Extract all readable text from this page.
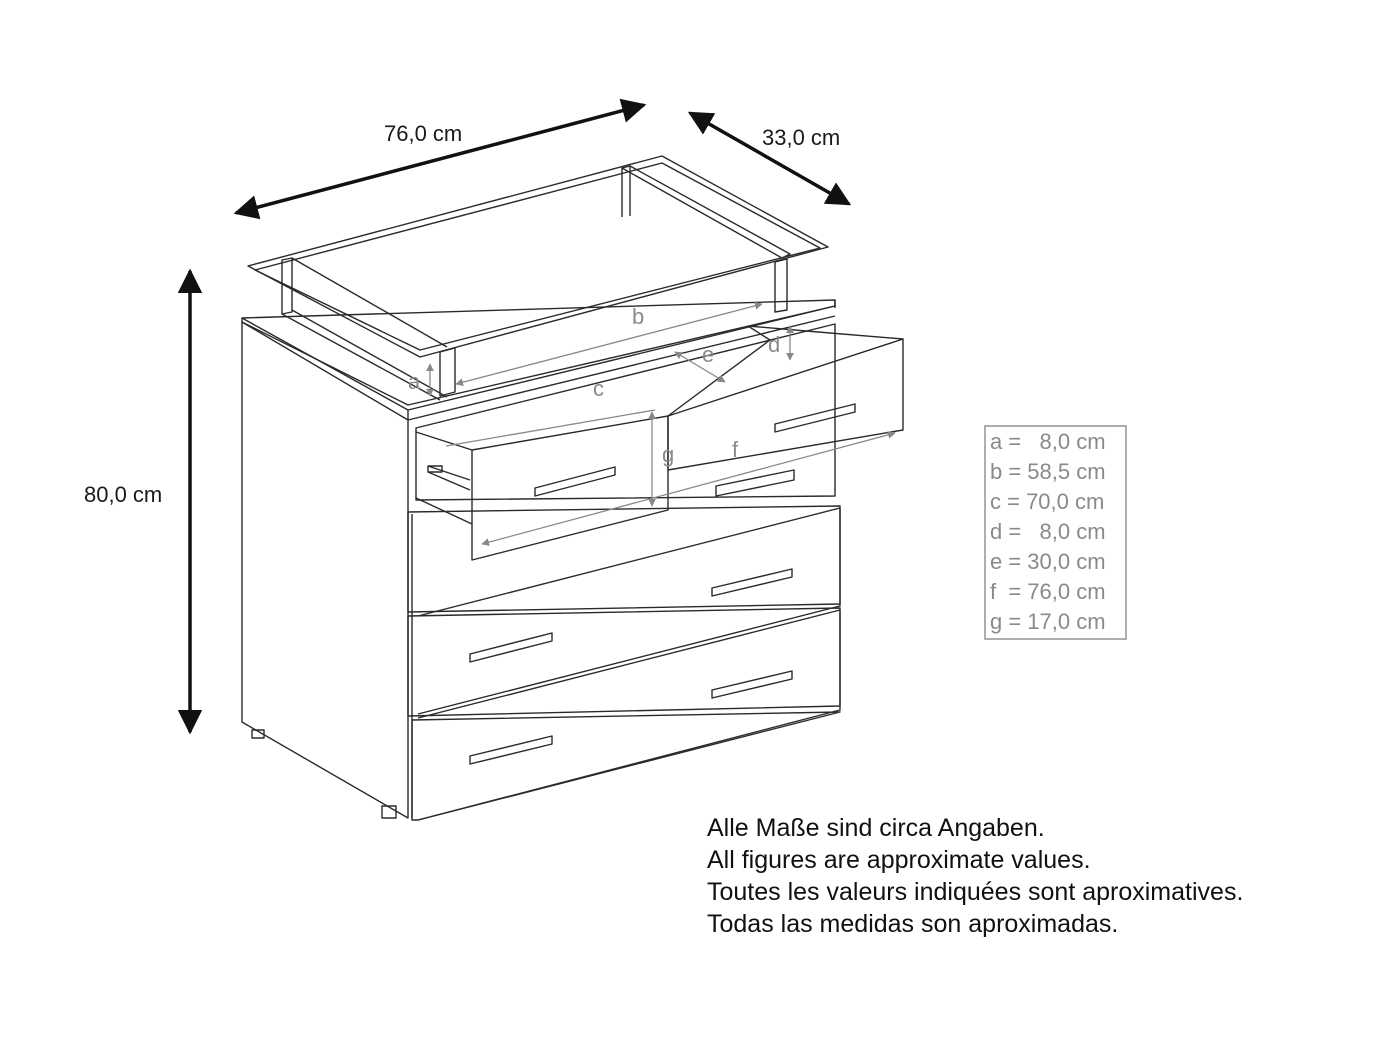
76,0 cm	33,0 cm
80,0 cm
a
b
c
d
e
f
g
a =   8,0 cm
b = 58,5 cm
c = 70,0 cm
d =   8,0 cm
e = 30,0 cm
f  = 76,0 cm
g = 17,0 cm
Alle Maße sind circa Angaben.
All figures are approximate values.
Toutes les valeurs indiquées sont aproximatives.
Todas las medidas son aproximadas.
